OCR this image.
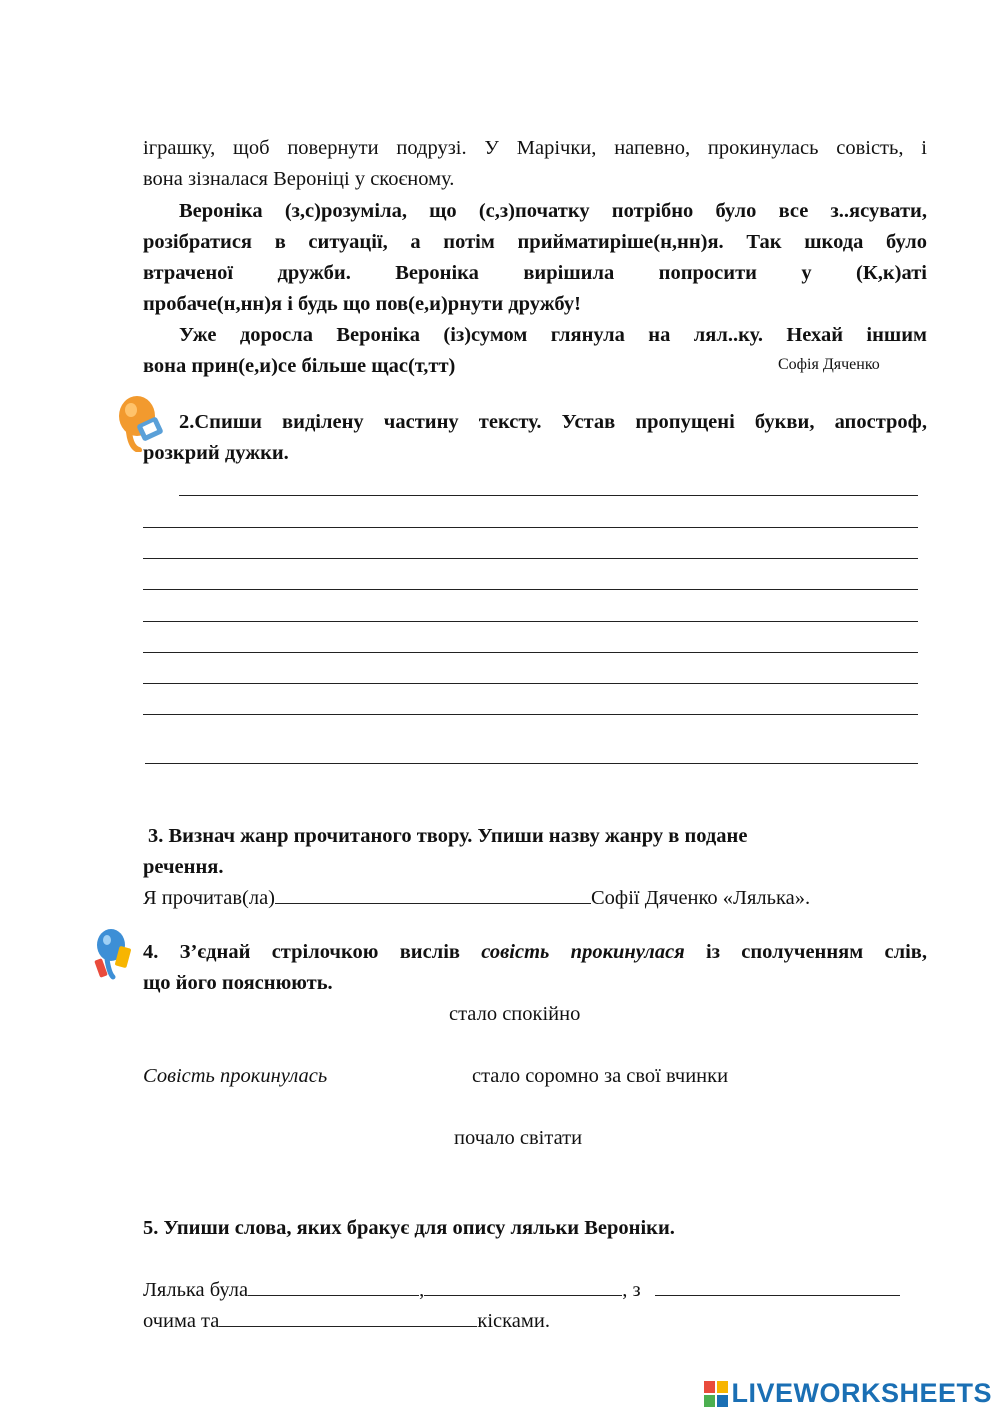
іграшку, щоб повернути подрузі. У Марічки, напевно, прокинулась совість, і
вона зізналася Вероніці у скоєному.
Вероніка (з,с)розуміла, що (с,з)початку потрібно було все з..ясувати,
розібратися в ситуації, а потім прийматиріше(н,нн)я. Так шкода було
втраченої дружби. Вероніка вирішила попросити у (К,к)аті
пробаче(н,нн)я і будь що пов(е,и)рнути дружбу!
Уже доросла Вероніка (із)сумом глянула на лял..ку. Нехай іншим
вона прин(е,и)се більше щас(т,тт)	Софія Дяченко
2.Спиши виділену частину тексту. Устав пропущені букви, апостроф,
розкрий дужки.
3. Визнач жанр прочитаного твору. Упиши назву жанру в подане
речення.
Я прочитав(ла)	Софії Дяченко «Лялька».
4. З’єднай стрілочкою вислів совість прокинулася із сполученням слів,
що його пояснюють.
стало спокійно
Совість прокинулась	стало соромно за свої вчинки
почало світати
5. Упиши слова, яких бракує для опису ляльки Вероніки.
Лялька була	,	, з
очима та	кісками.
LIVEWORKSHEETS
